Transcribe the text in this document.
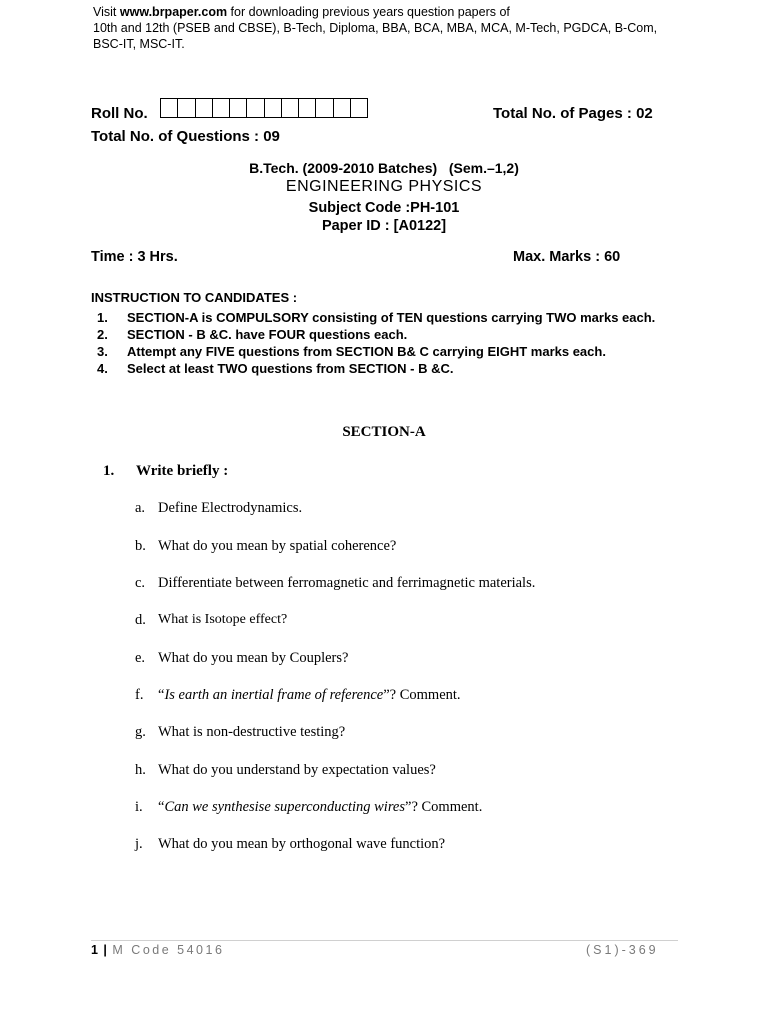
Visit www.brpaper.com for downloading previous years question papers of
10th and 12th (PSEB and CBSE), B-Tech, Diploma, BBA, BCA, MBA, MCA, M-Tech, PGDCA, B-Com,
BSC-IT, MSC-IT.
Roll No.	Total No. of Pages : 02
Total No. of Questions : 09
B.Tech. (2009-2010 Batches)   (Sem.–1,2)
ENGINEERING PHYSICS
Subject Code :PH-101
Paper ID : [A0122]
Time : 3 Hrs.	Max. Marks : 60
INSTRUCTION TO CANDIDATES :
1.	SECTION-A is COMPULSORY consisting of TEN questions carrying TWO marks each.
2.	SECTION - B &C. have FOUR questions each.
3.	Attempt any FIVE questions from SECTION B& C carrying EIGHT marks each.
4.	Select at least TWO questions from SECTION - B &C.
SECTION-A
1. Write briefly :
a. Define Electrodynamics.
b. What do you mean by spatial coherence?
c. Differentiate between ferromagnetic and ferrimagnetic materials.
d. What is Isotope effect?
e. What do you mean by Couplers?
f.	“Is earth an inertial frame of reference”? Comment.
g. What is non-destructive testing?
h. What do you understand by expectation values?
i.	“Can we synthesise superconducting wires”? Comment.
j.	What do you mean by orthogonal wave function?
1 | M Code 54016	(S1)-369
